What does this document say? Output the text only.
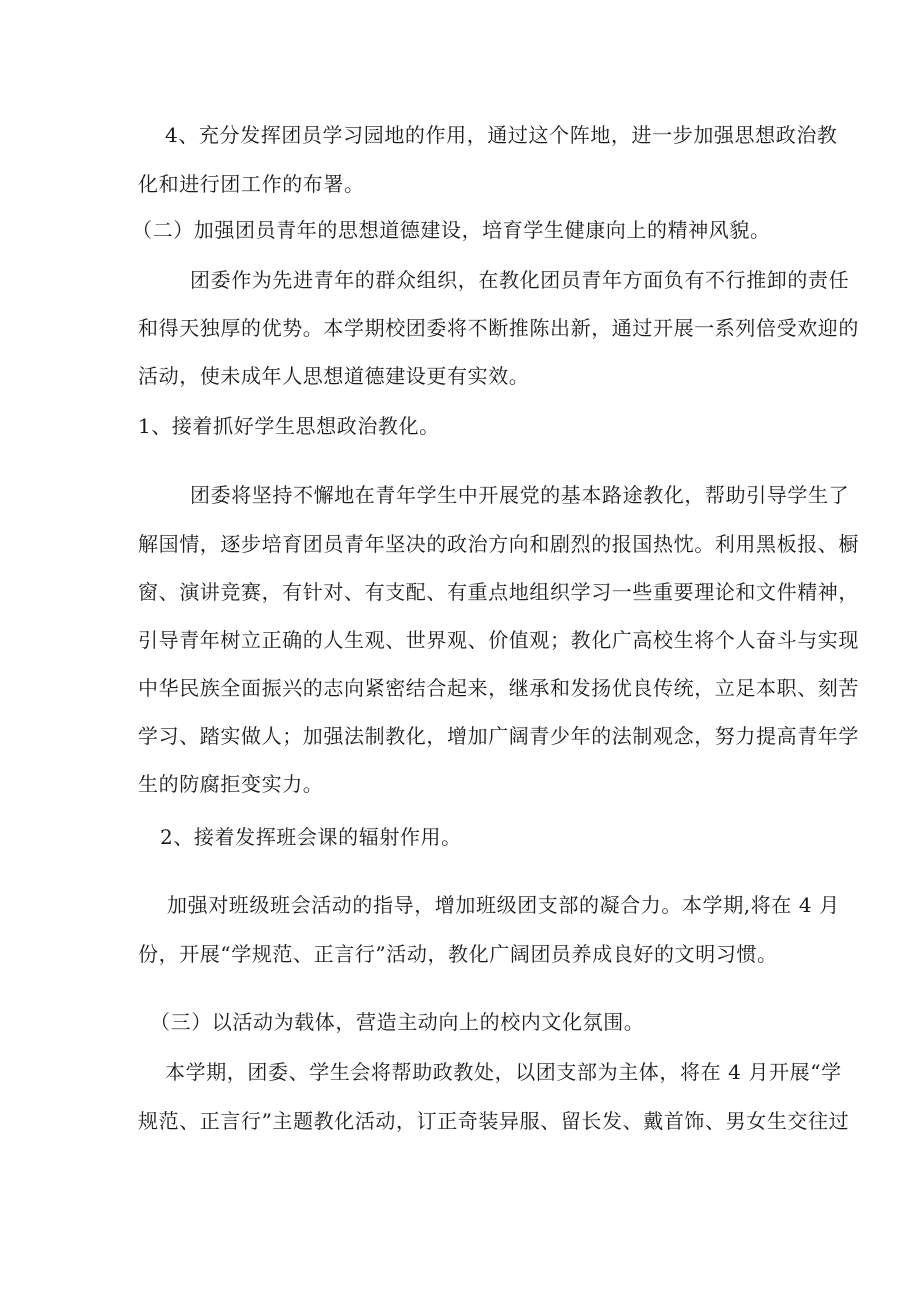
4、充分发挥团员学习园地的作用，通过这个阵地，进一步加强思想政治教
化和进行团工作的布署。
（二）加强团员青年的思想道德建设，培育学生健康向上的精神风貌。
团委作为先进青年的群众组织，在教化团员青年方面负有不行推卸的责任
和得天独厚的优势。本学期校团委将不断推陈出新，通过开展一系列倍受欢迎的
活动，使未成年人思想道德建设更有实效。
1、接着抓好学生思想政治教化。
团委将坚持不懈地在青年学生中开展党的基本路途教化，帮助引导学生了
解国情，逐步培育团员青年坚决的政治方向和剧烈的报国热忱。利用黑板报、橱
窗、演讲竞赛，有针对、有支配、有重点地组织学习一些重要理论和文件精神，
引导青年树立正确的人生观、世界观、价值观；教化广高校生将个人奋斗与实现
中华民族全面振兴的志向紧密结合起来，继承和发扬优良传统，立足本职、刻苦
学习、踏实做人；加强法制教化，增加广阔青少年的法制观念，努力提高青年学
生的防腐拒变实力。
2、接着发挥班会课的辐射作用。
加强对班级班会活动的指导，增加班级团支部的凝合力。本学期,将在 4 月
份，开展“学规范、正言行”活动，教化广阔团员养成良好的文明习惯。
（三）以活动为载体，营造主动向上的校内文化氛围。
本学期，团委、学生会将帮助政教处，以团支部为主体，将在 4 月开展“学
规范、正言行”主题教化活动，订正奇装异服、留长发、戴首饰、男女生交往过
